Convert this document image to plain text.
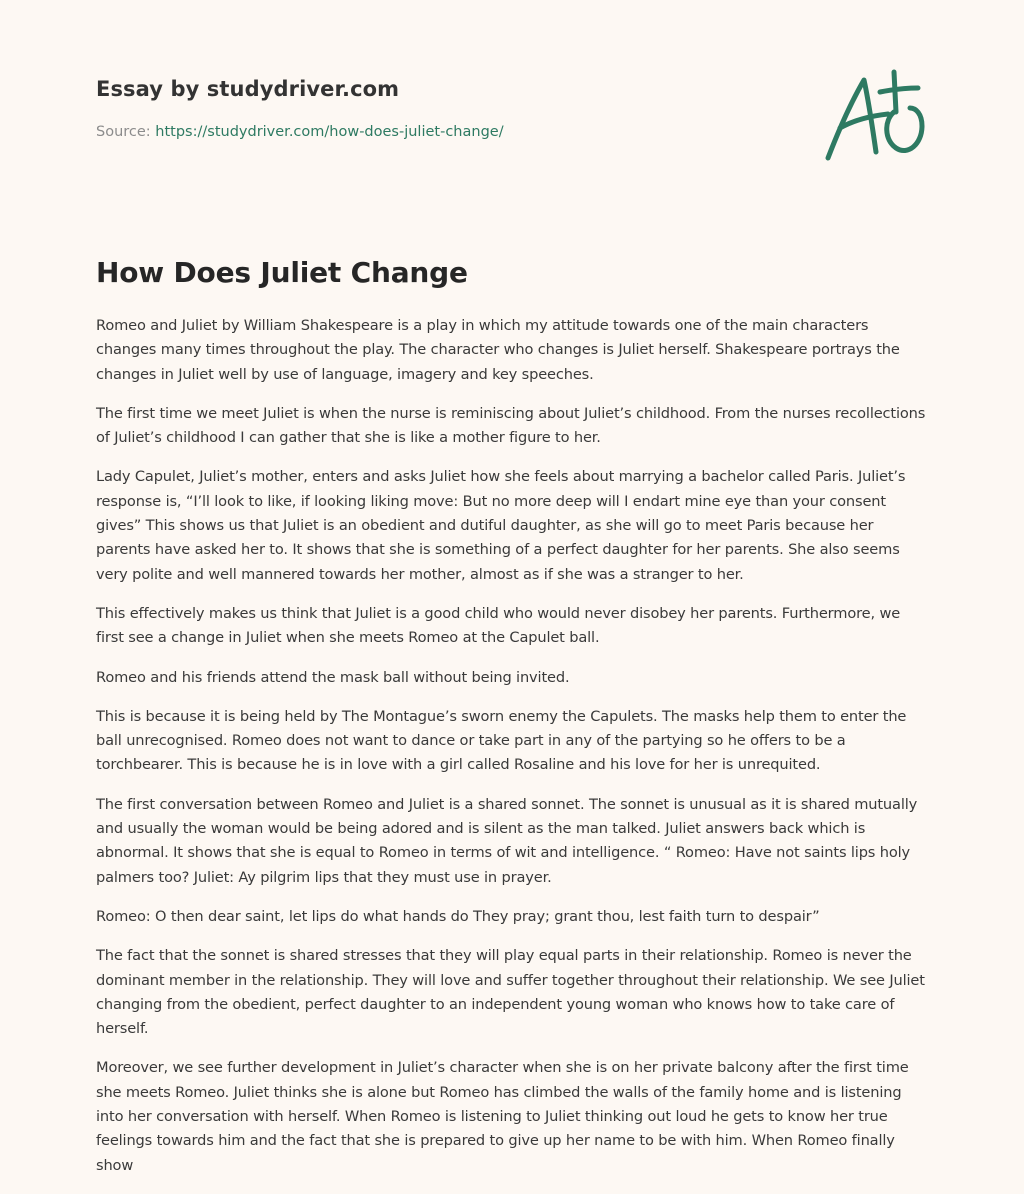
Essay by studydriver.com
Source: https://studydriver.com/how-does-juliet-change/
How Does Juliet Change

Romeo and Juliet by William Shakespeare is a play in which my attitude towards one of the main characters changes many times throughout the play. The character who changes is Juliet herself. Shakespeare portrays the changes in Juliet well by use of language, imagery and key speeches.

The first time we meet Juliet is when the nurse is reminiscing about Juliet’s childhood. From the nurses recollections of Juliet’s childhood I can gather that she is like a mother figure to her.

Lady Capulet, Juliet’s mother, enters and asks Juliet how she feels about marrying a bachelor called Paris. Juliet’s response is, “I’ll look to like, if looking liking move: But no more deep will I endart mine eye than your consent gives” This shows us that Juliet is an obedient and dutiful daughter, as she will go to meet Paris because her parents have asked her to. It shows that she is something of a perfect daughter for her parents. She also seems very polite and well mannered towards her mother, almost as if she was a stranger to her.

This effectively makes us think that Juliet is a good child who would never disobey her parents. Furthermore, we first see a change in Juliet when she meets Romeo at the Capulet ball.

Romeo and his friends attend the mask ball without being invited.

This is because it is being held by The Montague’s sworn enemy the Capulets. The masks help them to enter the ball unrecognised. Romeo does not want to dance or take part in any of the partying so he offers to be a torchbearer. This is because he is in love with a girl called Rosaline and his love for her is unrequited.

The first conversation between Romeo and Juliet is a shared sonnet. The sonnet is unusual as it is shared mutually and usually the woman would be being adored and is silent as the man talked. Juliet answers back which is abnormal. It shows that she is equal to Romeo in terms of wit and intelligence. “ Romeo: Have not saints lips holy palmers too? Juliet: Ay pilgrim lips that they must use in prayer.

Romeo: O then dear saint, let lips do what hands do They pray; grant thou, lest faith turn to despair”

The fact that the sonnet is shared stresses that they will play equal parts in their relationship. Romeo is never the dominant member in the relationship. They will love and suffer together throughout their relationship. We see Juliet changing from the obedient, perfect daughter to an independent young woman who knows how to take care of herself.

Moreover, we see further development in Juliet’s character when she is on her private balcony after the first time she meets Romeo. Juliet thinks she is alone but Romeo has climbed the walls of the family home and is listening into her conversation with herself. When Romeo is listening to Juliet thinking out loud he gets to know her true feelings towards him and the fact that she is prepared to give up her name to be with him. When Romeo finally show
